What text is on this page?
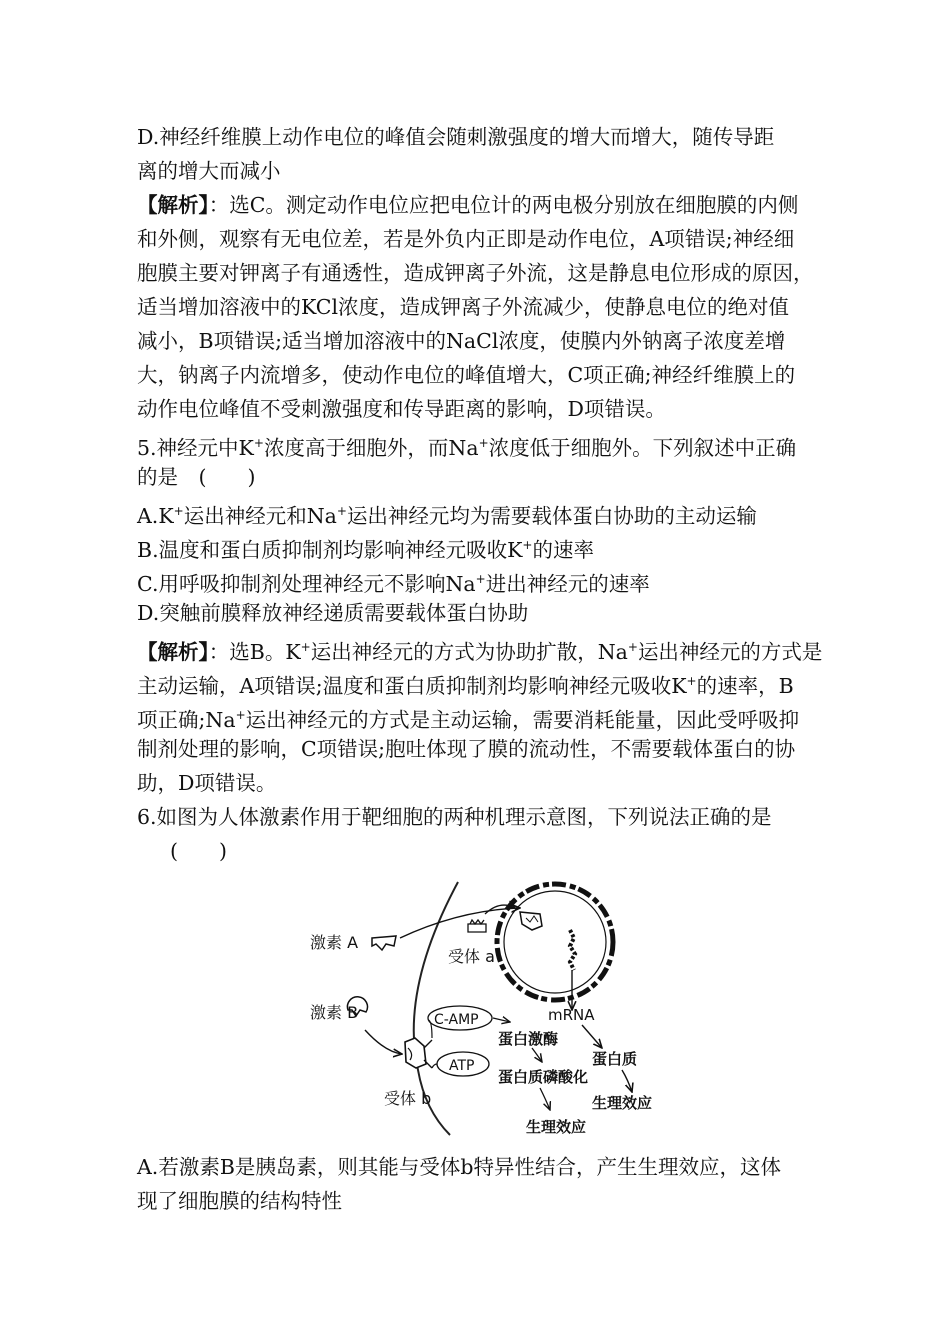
D.神经纤维膜上动作电位的峰值会随刺激强度的增大而增大，随传导距
离的增大而减小
【解析】：选C。测定动作电位应把电位计的两电极分别放在细胞膜的内侧
和外侧，观察有无电位差，若是外负内正即是动作电位，A项错误;神经细
胞膜主要对钾离子有通透性，造成钾离子外流，这是静息电位形成的原因，
适当增加溶液中的KCl浓度，造成钾离子外流减少，使静息电位的绝对值
减小，B项错误;适当增加溶液中的NaCl浓度，使膜内外钠离子浓度差增
大，钠离子内流增多，使动作电位的峰值增大，C项正确;神经纤维膜上的
动作电位峰值不受刺激强度和传导距离的影响，D项错误。
5.神经元中K+浓度高于细胞外，而Na+浓度低于细胞外。下列叙述中正确
的是　(　　)
A.K+运出神经元和Na+运出神经元均为需要载体蛋白协助的主动运输
B.温度和蛋白质抑制剂均影响神经元吸收K+的速率
C.用呼吸抑制剂处理神经元不影响Na+进出神经元的速率
D.突触前膜释放神经递质需要载体蛋白协助
【解析】：选B。K+运出神经元的方式为协助扩散，Na+运出神经元的方式是
主动运输，A项错误;温度和蛋白质抑制剂均影响神经元吸收K+的速率，B
项正确;Na+运出神经元的方式是主动运输，需要消耗能量，因此受呼吸抑
制剂处理的影响，C项错误;胞吐体现了膜的流动性，不需要载体蛋白的协
助，D项错误。
6.如图为人体激素作用于靶细胞的两种机理示意图，下列说法正确的是
(　　)
激素 A
受体 a
激素 B	C-AMP
ATP
mRNA
蛋白激酶
蛋白质
蛋白质磷酸化
生理效应
受体 b
生理效应
A.若激素B是胰岛素，则其能与受体b特异性结合，产生生理效应，这体
现了细胞膜的结构特性
